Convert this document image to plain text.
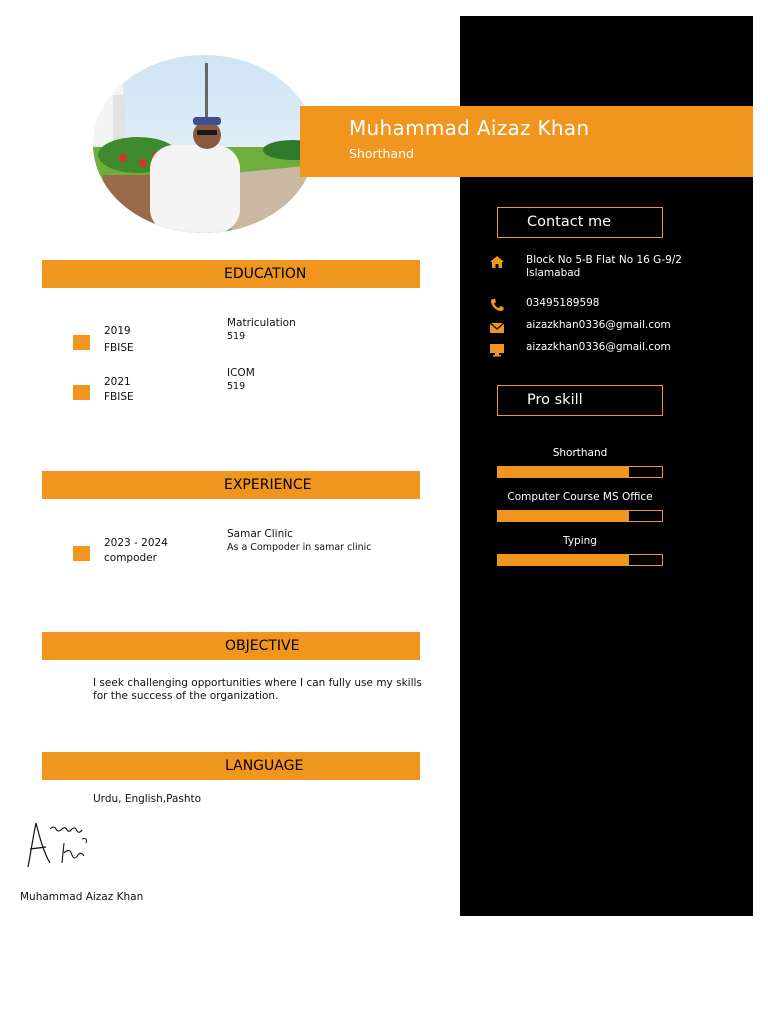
Muhammad Aizaz Khan
Shorthand
EDUCATION
2019
FBISE
Matriculation
519
2021
FBISE
ICOM
519
EXPERIENCE
2023 - 2024
compoder
Samar Clinic
As a Compoder in samar clinic
OBJECTIVE
I seek challenging opportunities where I can fully use my skills
for the success of the organization.
LANGUAGE
Urdu, English,Pashto
Muhammad Aizaz Khan
Contact me
Block No 5-B Flat No 16 G-9/2
Islamabad
03495189598
aizazkhan0336@gmail.com
aizazkhan0336@gmail.com
Pro skill
Shorthand
Computer Course MS Office
Typing
